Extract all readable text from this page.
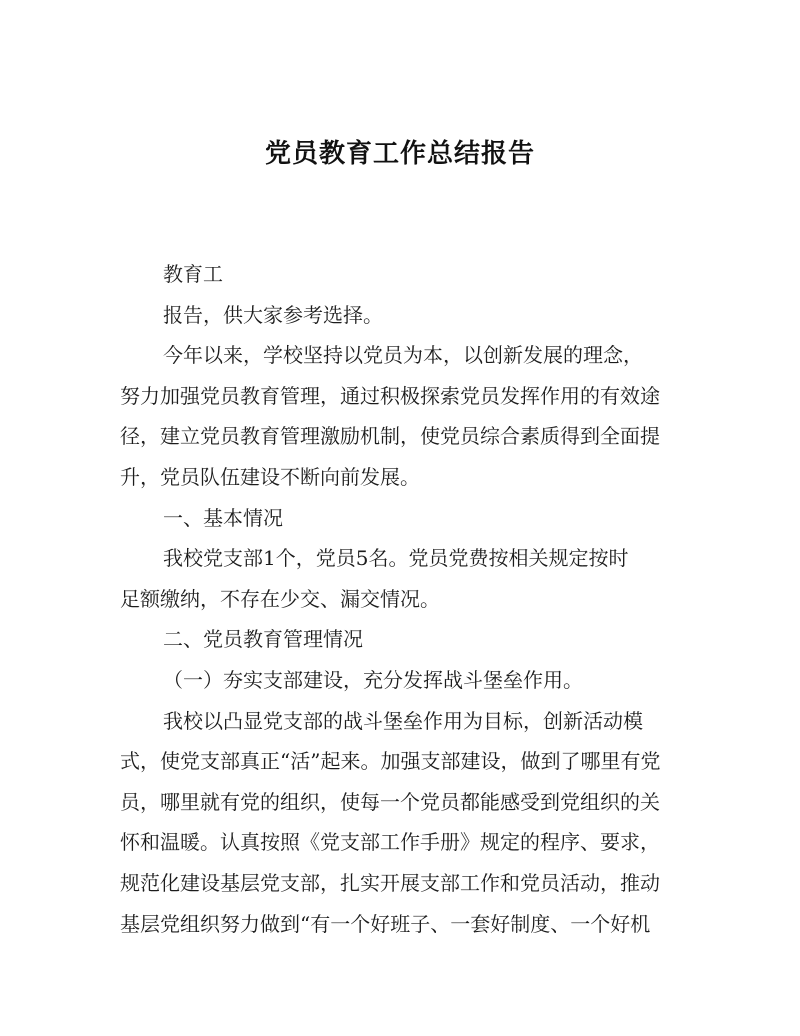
党员教育工作总结报告

教育工

报告，供大家参考选择。

今年以来，学校坚持以党员为本，以创新发展的理念，
努力加强党员教育管理，通过积极探索党员发挥作用的有效途
径，建立党员教育管理激励机制，使党员综合素质得到全面提
升，党员队伍建设不断向前发展。

一、基本情况

我校党支部1个，党员5名。党员党费按相关规定按时
足额缴纳，不存在少交、漏交情况。

二、党员教育管理情况

（一）夯实支部建设，充分发挥战斗堡垒作用。

我校以凸显党支部的战斗堡垒作用为目标，创新活动模
式，使党支部真正“活”起来。加强支部建设，做到了哪里有党
员，哪里就有党的组织，使每一个党员都能感受到党组织的关
怀和温暖。认真按照《党支部工作手册》规定的程序、要求，
规范化建设基层党支部，扎实开展支部工作和党员活动，推动
基层党组织努力做到“有一个好班子、一套好制度、一个好机
